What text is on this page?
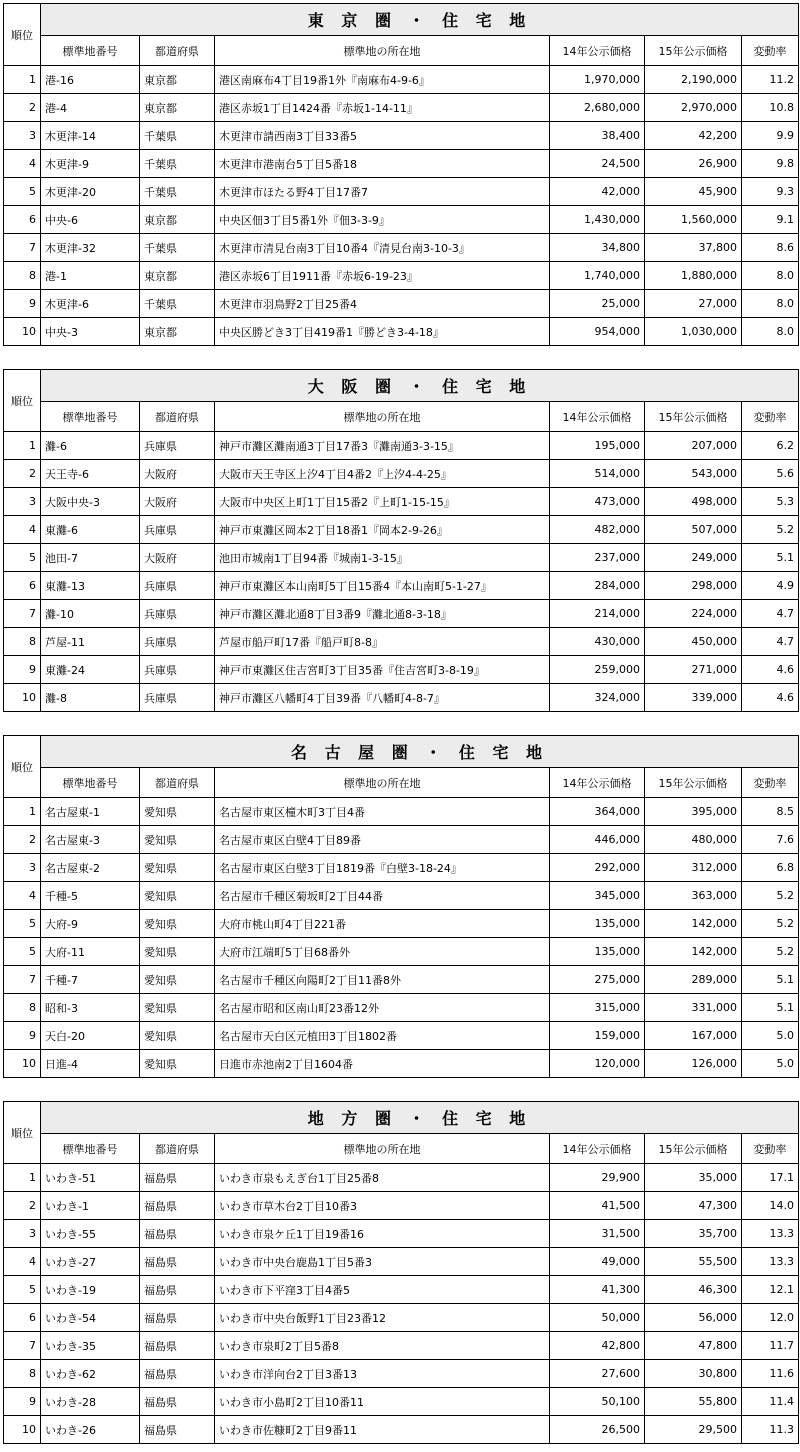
順位	東 京 圏 ・ 住 宅 地					
	標準地番号	都道府県	標準地の所在地	14年公示価格	15年公示価格	変動率
1	港-16	東京都	港区南麻布4丁目19番1外『南麻布4-9-6』	1,970,000	2,190,000	11.2
2	港-4	東京都	港区赤坂1丁目1424番『赤坂1-14-11』	2,680,000	2,970,000	10.8
3	木更津-14	千葉県	木更津市請西南3丁目33番5	38,400	42,200	9.9
4	木更津-9	千葉県	木更津市港南台5丁目5番18	24,500	26,900	9.8
5	木更津-20	千葉県	木更津市ほたる野4丁目17番7	42,000	45,900	9.3
6	中央-6	東京都	中央区佃3丁目5番1外『佃3-3-9』	1,430,000	1,560,000	9.1
7	木更津-32	千葉県	木更津市清見台南3丁目10番4『清見台南3-10-3』	34,800	37,800	8.6
8	港-1	東京都	港区赤坂6丁目1911番『赤坂6-19-23』	1,740,000	1,880,000	8.0
9	木更津-6	千葉県	木更津市羽鳥野2丁目25番4	25,000	27,000	8.0
10	中央-3	東京都	中央区勝どき3丁目419番1『勝どき3-4-18』	954,000	1,030,000	8.0
順位	大 阪 圏 ・ 住 宅 地					
	標準地番号	都道府県	標準地の所在地	14年公示価格	15年公示価格	変動率
1	灘-6	兵庫県	神戸市灘区灘南通3丁目17番3『灘南通3-3-15』	195,000	207,000	6.2
2	天王寺-6	大阪府	大阪市天王寺区上汐4丁目4番2『上汐4-4-25』	514,000	543,000	5.6
3	大阪中央-3	大阪府	大阪市中央区上町1丁目15番2『上町1-15-15』	473,000	498,000	5.3
4	東灘-6	兵庫県	神戸市東灘区岡本2丁目18番1『岡本2-9-26』	482,000	507,000	5.2
5	池田-7	大阪府	池田市城南1丁目94番『城南1-3-15』	237,000	249,000	5.1
6	東灘-13	兵庫県	神戸市東灘区本山南町5丁目15番4『本山南町5-1-27』	284,000	298,000	4.9
7	灘-10	兵庫県	神戸市灘区灘北通8丁目3番9『灘北通8-3-18』	214,000	224,000	4.7
8	芦屋-11	兵庫県	芦屋市船戸町17番『船戸町8-8』	430,000	450,000	4.7
9	東灘-24	兵庫県	神戸市東灘区住吉宮町3丁目35番『住吉宮町3-8-19』	259,000	271,000	4.6
10	灘-8	兵庫県	神戸市灘区八幡町4丁目39番『八幡町4-8-7』	324,000	339,000	4.6
順位	名 古 屋 圏 ・ 住 宅 地					
	標準地番号	都道府県	標準地の所在地	14年公示価格	15年公示価格	変動率
1	名古屋東-1	愛知県	名古屋市東区橦木町3丁目4番	364,000	395,000	8.5
2	名古屋東-3	愛知県	名古屋市東区白壁4丁目89番	446,000	480,000	7.6
3	名古屋東-2	愛知県	名古屋市東区白壁3丁目1819番『白壁3-18-24』	292,000	312,000	6.8
4	千種-5	愛知県	名古屋市千種区菊坂町2丁目44番	345,000	363,000	5.2
5	大府-9	愛知県	大府市桃山町4丁目221番	135,000	142,000	5.2
5	大府-11	愛知県	大府市江端町5丁目68番外	135,000	142,000	5.2
7	千種-7	愛知県	名古屋市千種区向陽町2丁目11番8外	275,000	289,000	5.1
8	昭和-3	愛知県	名古屋市昭和区南山町23番12外	315,000	331,000	5.1
9	天白-20	愛知県	名古屋市天白区元植田3丁目1802番	159,000	167,000	5.0
10	日進-4	愛知県	日進市赤池南2丁目1604番	120,000	126,000	5.0
順位	地 方 圏 ・ 住 宅 地					
	標準地番号	都道府県	標準地の所在地	14年公示価格	15年公示価格	変動率
1	いわき-51	福島県	いわき市泉もえぎ台1丁目25番8	29,900	35,000	17.1
2	いわき-1	福島県	いわき市草木台2丁目10番3	41,500	47,300	14.0
3	いわき-55	福島県	いわき市泉ケ丘1丁目19番16	31,500	35,700	13.3
4	いわき-27	福島県	いわき市中央台鹿島1丁目5番3	49,000	55,500	13.3
5	いわき-19	福島県	いわき市下平窪3丁目4番5	41,300	46,300	12.1
6	いわき-54	福島県	いわき市中央台飯野1丁目23番12	50,000	56,000	12.0
7	いわき-35	福島県	いわき市泉町2丁目5番8	42,800	47,800	11.7
8	いわき-62	福島県	いわき市洋向台2丁目3番13	27,600	30,800	11.6
9	いわき-28	福島県	いわき市小島町2丁目10番11	50,100	55,800	11.4
10	いわき-26	福島県	いわき市佐糠町2丁目9番11	26,500	29,500	11.3
